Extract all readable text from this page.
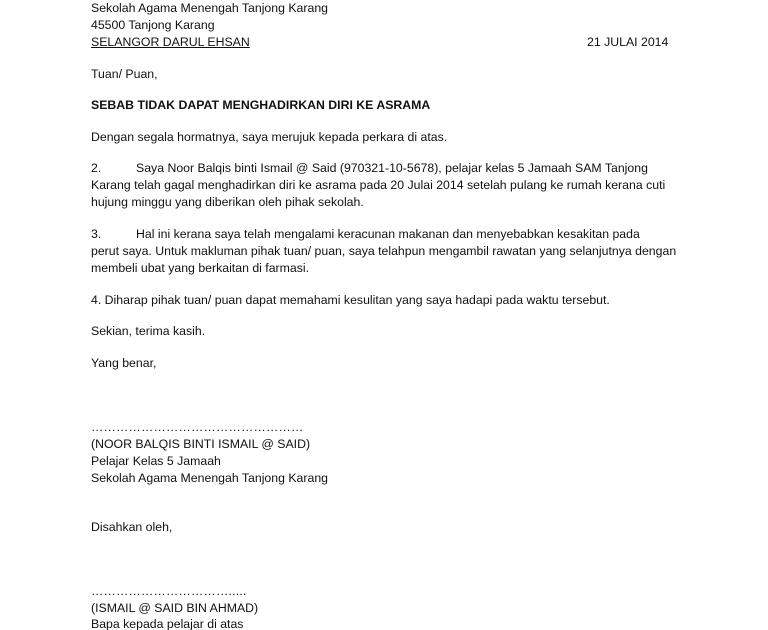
Sekolah Agama Menengah Tanjong Karang
45500 Tanjong Karang
SELANGOR DARUL EHSAN	21 JULAI 2014
Tuan/ Puan,
SEBAB TIDAK DAPAT MENGHADIRKAN DIRI KE ASRAMA
Dengan segala hormatnya, saya merujuk kepada perkara di atas.
2.	Saya Noor Balqis binti Ismail @ Said (970321-10-5678), pelajar kelas 5 Jamaah SAM Tanjong
Karang telah gagal menghadirkan diri ke asrama pada 20 Julai 2014 setelah pulang ke rumah kerana cuti hujung minggu yang diberikan oleh pihak sekolah.
3.	Hal ini kerana saya telah mengalami keracunan makanan dan menyebabkan kesakitan pada
perut saya. Untuk makluman pihak tuan/ puan, saya telahpun mengambil rawatan yang selanjutnya dengan membeli ubat yang berkaitan di farmasi.
4. Diharap pihak tuan/ puan dapat memahami kesulitan yang saya hadapi pada waktu tersebut.
Sekian, terima kasih.
Yang benar,
……………………………………………
(NOOR BALQIS BINTI ISMAIL @ SAID)
Pelajar Kelas 5 Jamaah
Sekolah Agama Menengah Tanjong Karang
Disahkan oleh,
…………………………….....
(ISMAIL @ SAID BIN AHMAD)
Bapa kepada pelajar di atas
